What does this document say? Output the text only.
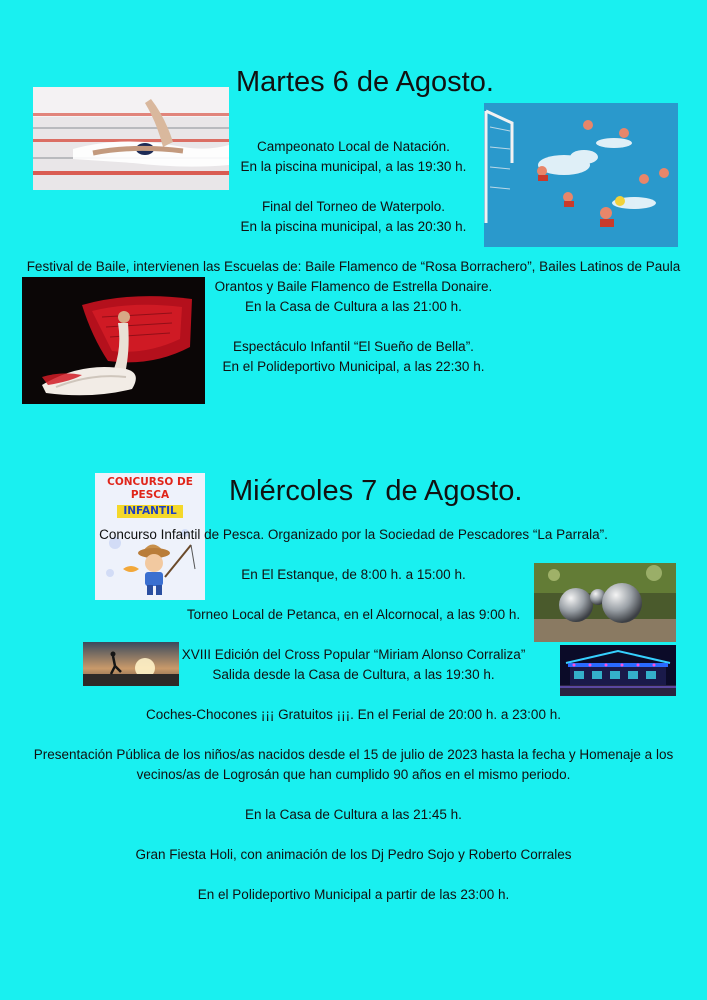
Martes 6 de Agosto.
Campeonato Local de Natación.
En la piscina municipal, a las 19:30 h.
Final del Torneo de Waterpolo.
En la piscina municipal, a las 20:30 h.
Festival de Baile, intervienen las Escuelas de: Baile Flamenco de “Rosa Borrachero”, Bailes Latinos de Paula
Orantos y Baile Flamenco de Estrella Donaire.
En la Casa de Cultura a las 21:00 h.
Espectáculo Infantil “El Sueño de Bella”.
En el Polideportivo Municipal, a las 22:30 h.
CONCURSO DE
PESCA
INFANTIL
Miércoles 7 de Agosto.
Concurso Infantil de Pesca. Organizado por la Sociedad de Pescadores “La Parrala”.
En El Estanque, de 8:00 h. a 15:00 h.
Torneo Local de Petanca, en el Alcornocal, a las 9:00 h.
XVIII Edición del Cross Popular “Miriam Alonso Corraliza”
Salida desde la Casa de Cultura, a las 19:30 h.
Coches-Chocones ¡¡¡ Gratuitos ¡¡¡. En el Ferial de 20:00 h. a 23:00 h.
Presentación Pública de los niños/as nacidos desde el 15 de julio de 2023 hasta la fecha y Homenaje a los
vecinos/as de Logrosán que han cumplido 90 años en el mismo periodo.
En la Casa de Cultura a las 21:45 h.
Gran Fiesta Holi, con animación de los Dj Pedro Sojo y Roberto Corrales
En el Polideportivo Municipal a partir de las 23:00 h.
